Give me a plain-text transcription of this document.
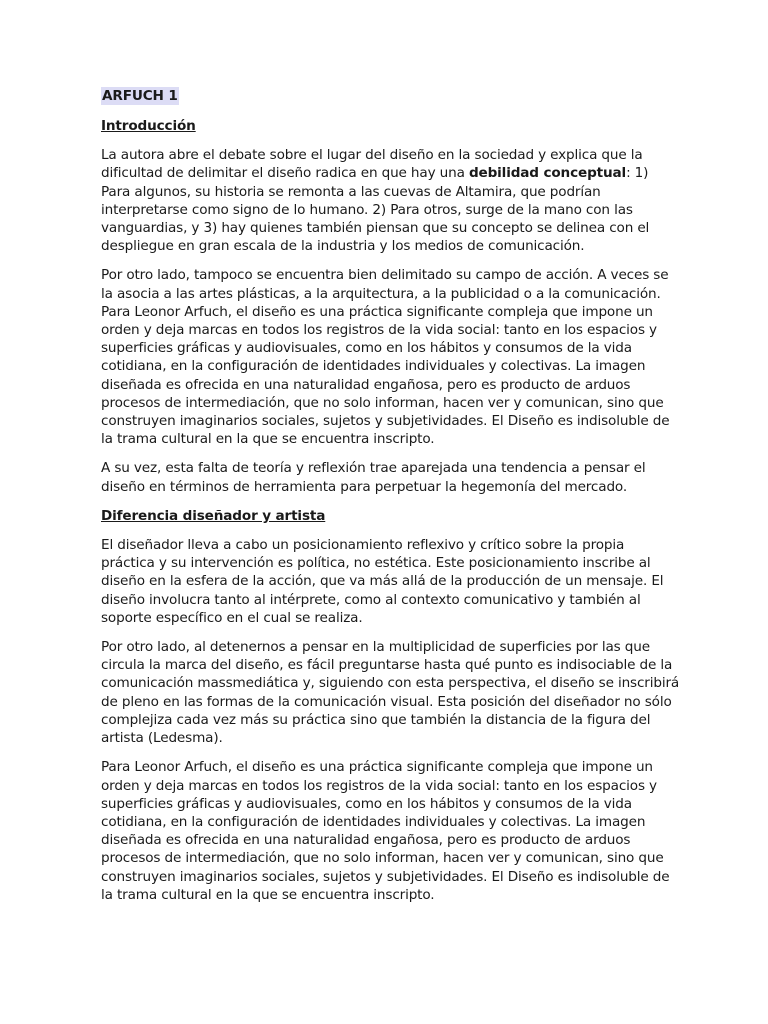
ARFUCH 1
Introducción

La autora abre el debate sobre el lugar del diseño en la sociedad y explica que la dificultad de delimitar el diseño radica en que hay una debilidad conceptual: 1) Para algunos, su historia se remonta a las cuevas de Altamira, que podrían interpretarse como signo de lo humano. 2) Para otros, surge de la mano con las vanguardias, y 3) hay quienes también piensan que su concepto se delinea con el despliegue en gran escala de la industria y los medios de comunicación.

Por otro lado, tampoco se encuentra bien delimitado su campo de acción. A veces se la asocia a las artes plásticas, a la arquitectura, a la publicidad o a la comunicación. Para Leonor Arfuch, el diseño es una práctica significante compleja que impone un orden y deja marcas en todos los registros de la vida social: tanto en los espacios y superficies gráficas y audiovisuales, como en los hábitos y consumos de la vida cotidiana, en la configuración de identidades individuales y colectivas. La imagen diseñada es ofrecida en una naturalidad engañosa, pero es producto de arduos procesos de intermediación, que no solo informan, hacen ver y comunican, sino que construyen imaginarios sociales, sujetos y subjetividades. El Diseño es indisoluble de la trama cultural en la que se encuentra inscripto.

A su vez, esta falta de teoría y reflexión trae aparejada una tendencia a pensar el diseño en términos de herramienta para perpetuar la hegemonía del mercado.

Diferencia diseñador y artista

El diseñador lleva a cabo un posicionamiento reflexivo y crítico sobre la propia práctica y su intervención es política, no estética. Este posicionamiento inscribe al diseño en la esfera de la acción, que va más allá de la producción de un mensaje. El diseño involucra tanto al intérprete, como al contexto comunicativo y también al soporte específico en el cual se realiza.

Por otro lado, al detenernos a pensar en la multiplicidad de superficies por las que circula la marca del diseño, es fácil preguntarse hasta qué punto es indisociable de la comunicación massmediática y, siguiendo con esta perspectiva, el diseño se inscribirá de pleno en las formas de la comunicación visual. Esta posición del diseñador no sólo complejiza cada vez más su práctica sino que también la distancia de la figura del artista (Ledesma).

Para Leonor Arfuch, el diseño es una práctica significante compleja que impone un orden y deja marcas en todos los registros de la vida social: tanto en los espacios y superficies gráficas y audiovisuales, como en los hábitos y consumos de la vida cotidiana, en la configuración de identidades individuales y colectivas. La imagen diseñada es ofrecida en una naturalidad engañosa, pero es producto de arduos procesos de intermediación, que no solo informan, hacen ver y comunican, sino que construyen imaginarios sociales, sujetos y subjetividades. El Diseño es indisoluble de la trama cultural en la que se encuentra inscripto.
